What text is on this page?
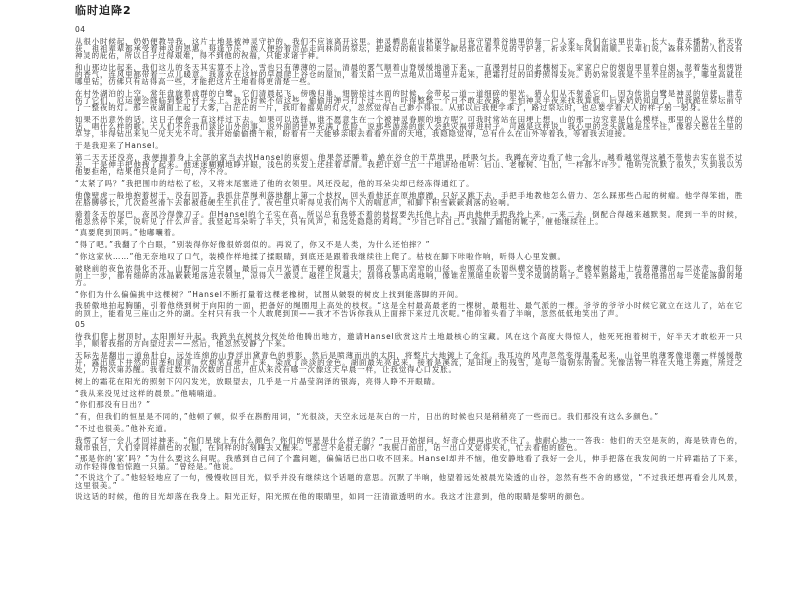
临时迫降2

04

从很小时候起，奶奶便教导我，这片土地是被神灵守护的，我们不应该离开这里。神灵栖息在山林深处，日夜守望着谷地里的每一户人家，我们在这里出生、长大，春天播种，秋天收获，祖祖辈辈都承受着神灵的恩惠。每逢节庆，族人便抬着贡品走向林间的祭坛，把最好的粮食和果子献给那位看不见的守护者，祈求来年风调雨顺。长辈们说，森林外面的人们没有神灵的庇佑，所以日子过得艰难，得不到他的祝福，只能求诸于神。

和山那边比起来，我们这儿的冬天其实算不上冷，雪也只有薄薄的一层。清晨的雾气顺着山脊缓缓地淌下来，一直漫到村口的老槐树下。家家户户的烟囱里冒着白烟，混着柴火和烤饼的香气，连风里都带着一点儿暖意。我喜欢在这样的早晨爬上谷仓的屋顶，看太阳一点一点地从山坳里升起来，把霜打过的田野照得发亮。奶奶常说我是个坐不住的孩子，哪里高就往哪里钻，仿佛只有站得高一些，才能把这片土地看得更清楚一些。

在村外湖泊的上空，常年盘旋着成群的白鹭。它们清晨起飞，傍晚归巢，翅膀掠过水面的时候，会带起一道一道细碎的银光。猎人们从不射杀它们，因为传说白鹭是神灵的信使，谁若伤了它们，厄运便会降临到整个村子头上。我小时候不信这些，偷偷用弹弓打下过一只，吓得整整一个月不敢走夜路，生怕神灵半夜来找我算账。后来奶奶知道了，罚我跪在祭坛前守了一整夜的灯。那一夜湖面上起了大雾，白茫茫的一片，我盯着摇晃的灯火，忽然觉得自己渺小得很。从那以后我便学乖了，路过祭坛时，也总要学着大人的样子躬一躬身。

如果不出意外的话，这日子便会一直这样过下去。如果可以选择，谁不愿意生在一个被神灵眷顾的地方呢？可我时常站在田埂上想，山的那一边究竟是什么模样，那里的人说什么样的话，唱什么样的歌。大人们不许我们谈论山外的事，说外面的世界充满了危险，说那些游荡的旅人会把灾祸带进村子。可越是这样说，我心里的念头就越是压不住，像春天憋在土里的草芽，非得钻出来见一见天光不可。我开始偷偷攒干粮，盼着有一天能够亲眼去看看外面的天地，我隐隐觉得，总有什么在山外等着我，等着我去迎接。

于是我迎来了Hansel。

第二天天还没亮，我便揣着身上全部的家当去找Hansel的麻烦。他果然还睡着，蜷在谷仓的干草堆里，呼吸匀长。我蹲在旁边看了他一会儿，越看越觉得这趟不带他去实在说不过去，于是伸手把他拽了起来。他迷迷糊糊地睁开眼，浅色的头发上还挂着草屑。我把计划一五一十地讲给他听：后山、老橡树、日出，一样都不许少。他听完沉默了很久，久到我以为他要拒绝，结果他只是问了一句，冷不冷。

“太紧了吗？”我把围巾的结松了松，又将末尾塞进了他的衣领里。风还没起，他的耳朵尖却已经冻得通红了。

他像壁虎一般地抱着树干，没有回答。我抓住草绳利落地翻上第一个枝杈，回头看他还在原地磨蹭，只好又跳下去，手把手地教他怎么借力、怎么踩那些凸起的树瘤。他学得笨拙，胜在胳膊够长，几次险些滑下去都被他硬生生扒住了。夜色里只听得见我们两个人的喘息声，和脚下积雪簌簌剥落的轻响。

骑着冬天的尾巴，夜风冷得像刀子。但Hansel的个子实在高，所以总有我够不着的枝杈要先托他上去，再由他伸手把我拎上来，一来二去，倒配合得越来越默契。爬到一半的时候，他忽然停下来，说听见了什么声音。我竖起耳朵听了半天，只有风声，和远处隐隐的鸡鸣。“少自己吓自己。”我踹了踹他的靴子，催他继续往上。

“真要爬到顶吗。”他嘟囔着。

“得了吧。”我翻了个白眼，“别装得你好像很娇弱似的。再说了，你又不是人类，为什么还怕摔？”

“你这家伙……”他无奈地叹了口气，装模作样地揉了揉眼睛，到底还是跟着我继续往上爬了。枯枝在脚下咔啦作响，听得人心里发颤。

破晓前的夜色浓得化不开，山野间一片空阔。最后一点月光洒在干硬的积雪上，照亮了脚下窄窄的山径，也照亮了头顶纵横交错的枝影。老橡树的枝干上结着薄薄的一层冰壳，我们每向上一步，都有细碎的冰晶簌簌地落进衣领里，凉得人一激灵。越往上风越大，刮得枝条呜呜地响，像谁在黑暗里吹着一支不成调的哨子。轻车熟路地，我给他指出每一处能落脚的地方。

“你们为什么偏偏挑中这棵树？”Hansel不断打量着这棵老橡树，试图从皴裂的树皮上找到能落脚的开间。

我骄傲地拍起胸脯，引着他绕到树干向阳的一面，把备好的绳圈甩上高处的枝杈。“这是全村最高最老的一棵树，最粗壮、最气派的一棵。爷爷的爷爷小时候它就立在这儿了，站在它的顶上，能看见三座山之外的湖。全村只有我一个人敢爬到顶——我才不告诉你我从上面摔下来过几次呢。”他仰着头看了半晌，忽然低低地笑出了声。

05

待我们爬上树顶时，太阳刚好升起。我跨坐在树枝分杈处给他腾出地方，邀请Hansel欣赏这片土地最核心的宝藏。风在这个高度大得惊人，他死死抱着树干，好半天才敢松开一只手，顺着我指的方向望过去——然后，他忽然安静了下来。

天际先是翻出一道鱼肚白，远处连绵的山脊浮出黛青色的剪影，然后是喷薄而出的太阳，将整片大地镀上了金红。我耳边的风声忽然变得温柔起来，山谷里的薄雾像退潮一样缓缓散开，露出底下井然的田垄和屋顶，炊烟笔直地升上来，染成了淡淡的金色。湖面最先亮起来，接着是溪流，是田埂上的残雪，是每一扇朝东的窗。光像活物一样在大地上奔跑，所过之处，万物次第苏醒。我看过数不清次数的日出，但从来没有哪一次像这天早晨一样，让我觉得心口发胀。

树上的霜花在阳光的照射下闪闪发光，放眼望去，几乎是一片晶莹润泽的银海，亮得人睁不开眼睛。

“我从来没见过这样的晨景。”他喃喃道。

“你们那没有日出？”

“有，但我们的恒星是不同的，”他顿了顿，似乎在斟酌用词，“光很淡，天空永远是灰白的一片，日出的时候也只是稍稍亮了一些而已。我们那没有这么多颜色。”

“不过也很美。”他补充道。

我愣了好一会儿才回过神来。“你们星球上有什么颜色？你们的恒星是什么样子的？”一旦开始提问，好奇心便再也收不住了。他耐心地一一答我：他们的天空是灰的，海是铁青色的，城市银白，人们穿同样颜色的衣服，在同样的时刻睡去又醒来。“那岂不是很无聊？”我脱口而出，话一出口又觉得失礼，忙去看他的脸色。

“那是你的‘家’吗？”为什么要这么问呢。我感到自己问了个蠢问题，偏偏话已出口收不回来。Hansel却并不恼，他安静地看了我好一会儿，伸手把落在我发间的一片碎霜拈了下来，动作轻得像怕惊跑一只猫。“曾经是。”他说。

“不说这个了。”他轻轻地应了一句，慢慢收回目光，似乎并没有继续这个话题的意思。沉默了半晌，他望着远处被晨光染透的山谷，忽然有些不舍的感觉，“不过我还想再看会儿风景，这里很美。”

说这话的时候，他的目光却落在我身上。阳光正好，阳光照在他的眼睛里，如同一汪清澈透明的水。我这才注意到，他的眼睛是黎明的颜色。
